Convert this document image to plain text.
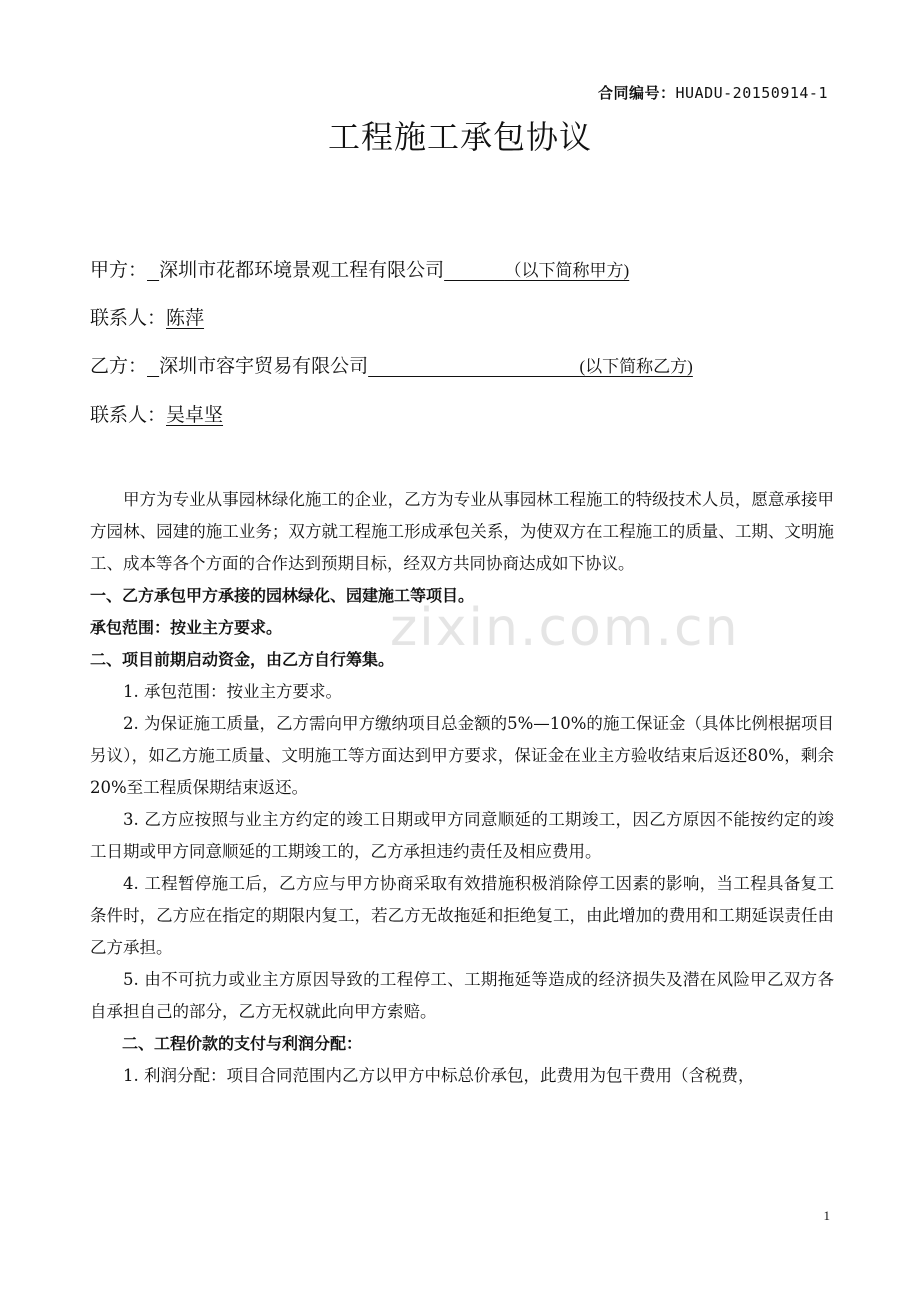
合同编号：HUADU-20150914-1
工程施工承包协议
甲方： 深圳市花都环境景观工程有限公司	（以下简称甲方)
联系人：陈萍
乙方： 深圳市容宇贸易有限公司	(以下简称乙方)
联系人：吴卓坚

甲方为专业从事园林绿化施工的企业，乙方为专业从事园林工程施工的特级技术人员，愿意承接甲方园林、园建的施工业务；双方就工程施工形成承包关系，为使双方在工程施工的质量、工期、文明施工、成本等各个方面的合作达到预期目标，经双方共同协商达成如下协议。

一、乙方承包甲方承接的园林绿化、园建施工等项目。

承包范围：按业主方要求。

二、项目前期启动资金，由乙方自行筹集。

1. 承包范围：按业主方要求。

2. 为保证施工质量，乙方需向甲方缴纳项目总金额的5%—10%的施工保证金（具体比例根据项目另议），如乙方施工质量、文明施工等方面达到甲方要求，保证金在业主方验收结束后返还80%，剩余20%至工程质保期结束返还。

3. 乙方应按照与业主方约定的竣工日期或甲方同意顺延的工期竣工，因乙方原因不能按约定的竣工日期或甲方同意顺延的工期竣工的，乙方承担违约责任及相应费用。

4. 工程暂停施工后，乙方应与甲方协商采取有效措施积极消除停工因素的影响，当工程具备复工条件时，乙方应在指定的期限内复工，若乙方无故拖延和拒绝复工，由此增加的费用和工期延误责任由乙方承担。

5. 由不可抗力或业主方原因导致的工程停工、工期拖延等造成的经济损失及潜在风险甲乙双方各自承担自己的部分，乙方无权就此向甲方索赔。

二、工程价款的支付与利润分配：

1. 利润分配：项目合同范围内乙方以甲方中标总价承包，此费用为包干费用（含税费，

zixin.com.cn
1
